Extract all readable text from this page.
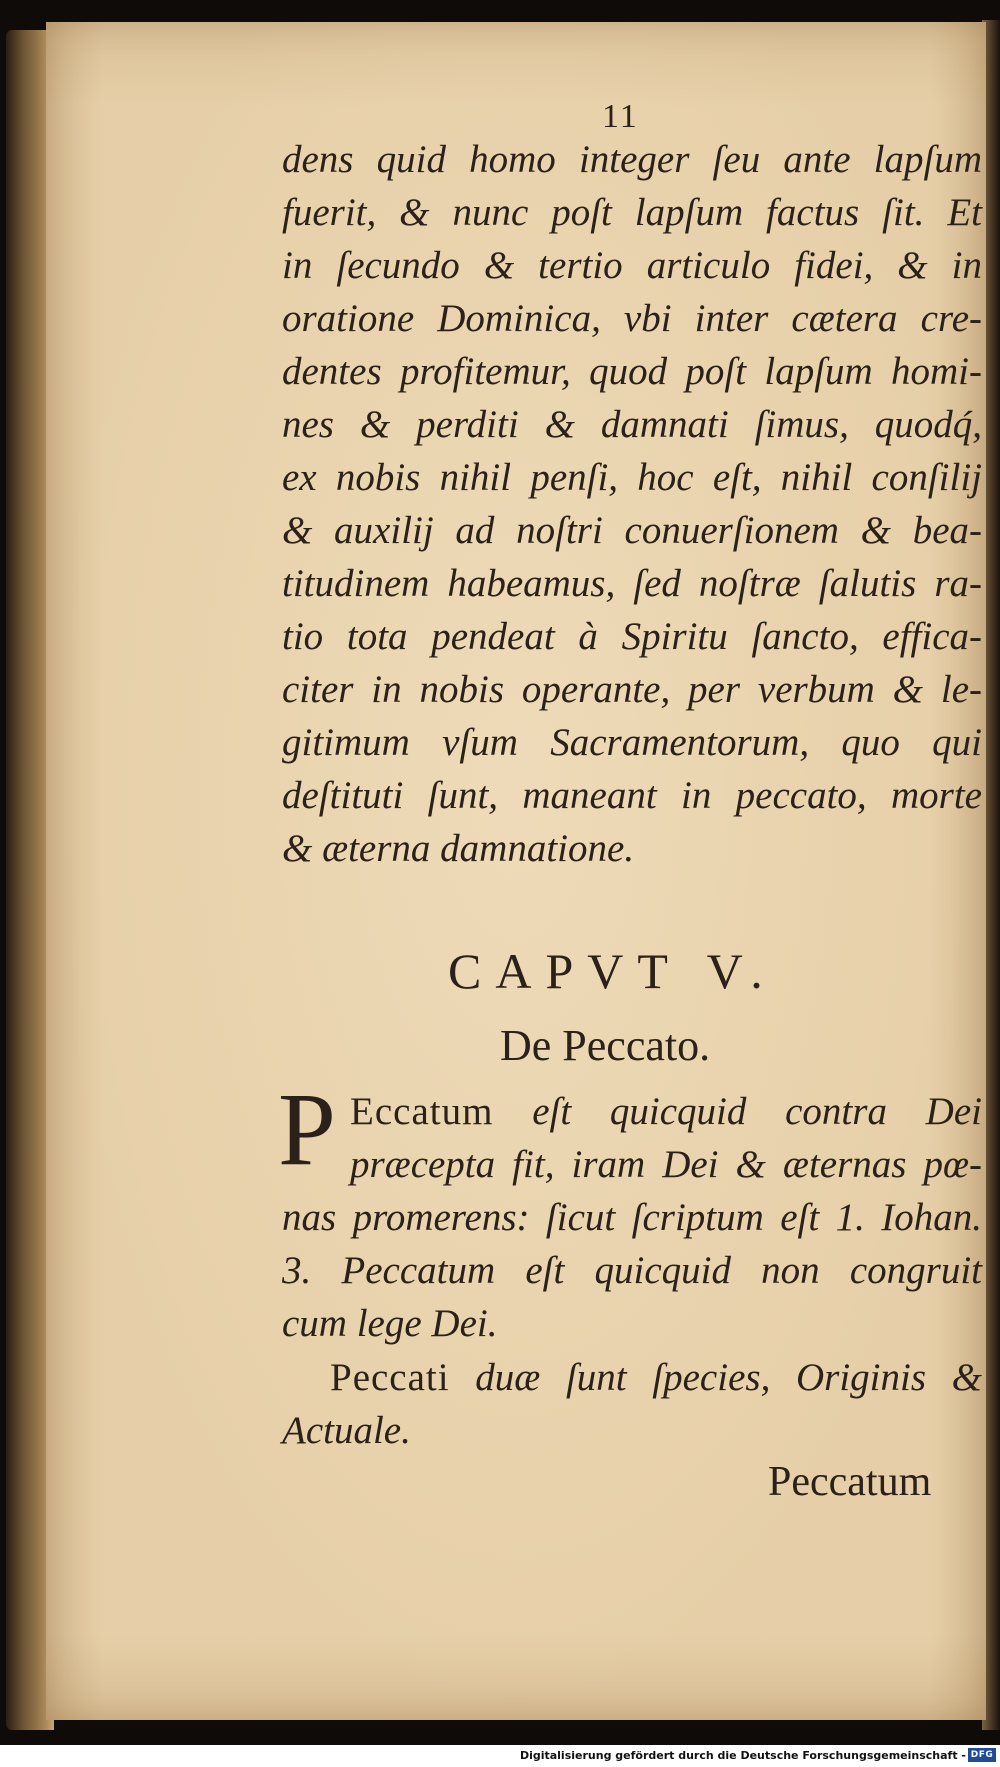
11
dens quid homo integer ſeu ante lapſum
fuerit, & nunc poſt lapſum factus ſit. Et
in ſecundo & tertio articulo fidei, & in
oratione Dominica, vbi inter cætera cre-
dentes profitemur, quod poſt lapſum homi-
nes & perditi & damnati ſimus, quodq́,
ex nobis nihil penſi, hoc eſt, nihil conſilij
& auxilij ad noſtri conuerſionem & bea-
titudinem habeamus, ſed noſtræ ſalutis ra-
tio tota pendeat à Spiritu ſancto, effica-
citer in nobis operante, per verbum & le-
gitimum vſum Sacramentorum, quo qui
deſtituti ſunt, maneant in peccato, morte
& æterna damnatione.
CAPVT V.
De Peccato.
P Eccatum eſt quicquid contra Dei
præcepta fit, iram Dei & æternas pœ-
nas promerens: ſicut ſcriptum eſt 1. Iohan.
3. Peccatum eſt quicquid non congruit
cum lege Dei.
Peccati duæ ſunt ſpecies, Originis &
Actuale.
Peccatum
Digitalisierung gefördert durch die Deutsche Forschungsgemeinschaft - DFG
